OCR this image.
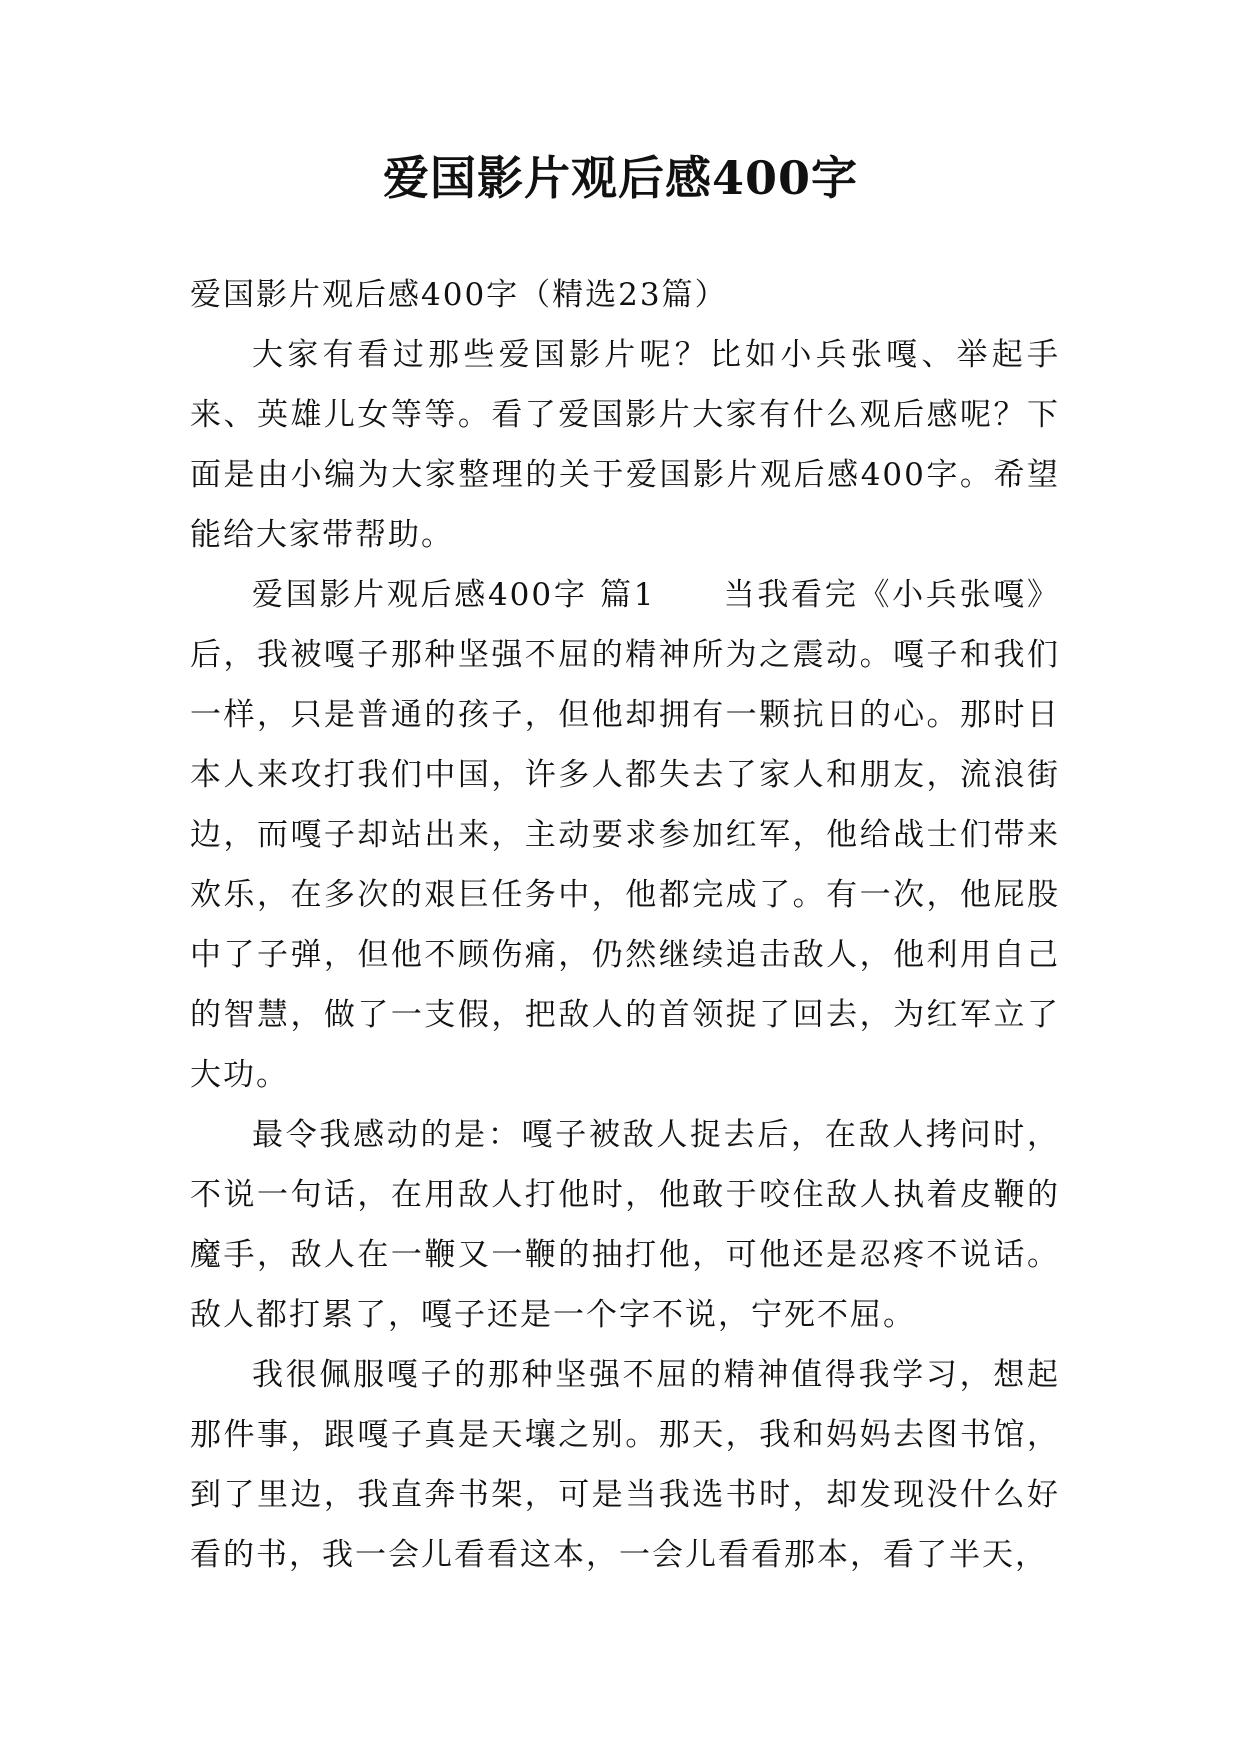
爱国影片观后感400字

爱国影片观后感400字（精选23篇）

大家有看过那些爱国影片呢？比如小兵张嘎、举起手来、英雄儿女等等。看了爱国影片大家有什么观后感呢？下面是由小编为大家整理的关于爱国影片观后感400字。希望能给大家带帮助。

爱国影片观后感400字 篇1　　当我看完《小兵张嘎》后，我被嘎子那种坚强不屈的精神所为之震动。嘎子和我们一样，只是普通的孩子，但他却拥有一颗抗日的心。那时日本人来攻打我们中国，许多人都失去了家人和朋友，流浪街边，而嘎子却站出来，主动要求参加红军，他给战士们带来欢乐，在多次的艰巨任务中，他都完成了。有一次，他屁股中了子弹，但他不顾伤痛，仍然继续追击敌人，他利用自己的智慧，做了一支假，把敌人的首领捉了回去，为红军立了大功。

最令我感动的是：嘎子被敌人捉去后，在敌人拷问时，不说一句话，在用敌人打他时，他敢于咬住敌人执着皮鞭的魔手，敌人在一鞭又一鞭的抽打他，可他还是忍疼不说话。敌人都打累了，嘎子还是一个字不说，宁死不屈。

我很佩服嘎子的那种坚强不屈的精神值得我学习，想起那件事，跟嘎子真是天壤之别。那天，我和妈妈去图书馆，到了里边，我直奔书架，可是当我选书时，却发现没什么好看的书，我一会儿看看这本，一会儿看看那本，看了半天，
